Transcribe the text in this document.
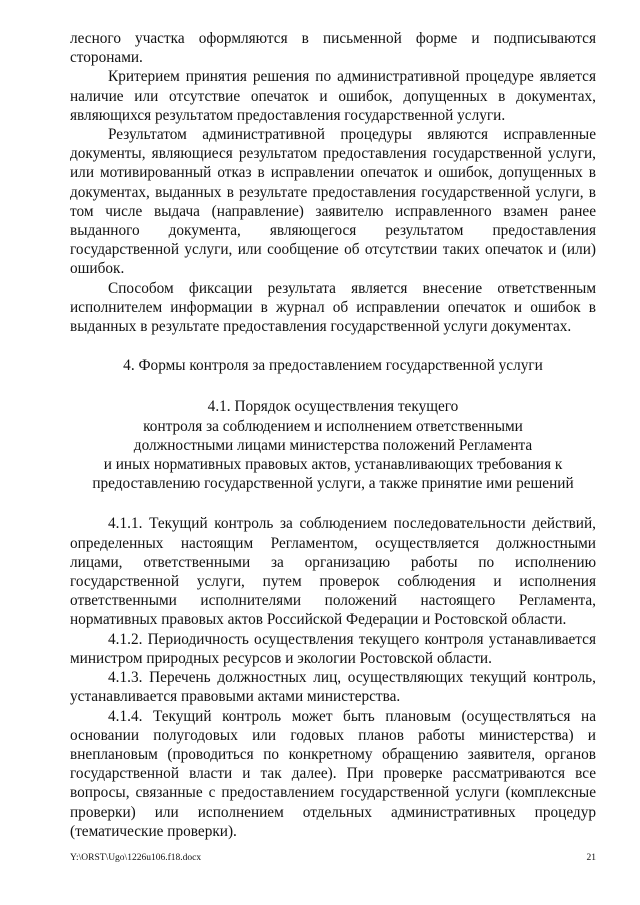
лесного участка оформляются в письменной форме и подписываются сторонами.

Критерием принятия решения по административной процедуре является наличие или отсутствие опечаток и ошибок, допущенных в документах, являющихся результатом предоставления государственной услуги.

Результатом административной процедуры являются исправленные документы, являющиеся результатом предоставления государственной услуги, или мотивированный отказ в исправлении опечаток и ошибок, допущенных в документах, выданных в результате предоставления государственной услуги, в том числе выдача (направление) заявителю исправленного взамен ранее выданного документа, являющегося результатом предоставления государственной услуги, или сообщение об отсутствии таких опечаток и (или) ошибок.

Способом фиксации результата является внесение ответственным исполнителем информации в журнал об исправлении опечаток и ошибок в выданных в результате предоставления государственной услуги документах.

4. Формы контроля за предоставлением государственной услуги

4.1. Порядок осуществления текущего
контроля за соблюдением и исполнением ответственными
должностными лицами министерства положений Регламента
и иных нормативных правовых актов, устанавливающих требования к
предоставлению государственной услуги, а также принятие ими решений

4.1.1. Текущий контроль за соблюдением последовательности действий, определенных настоящим Регламентом, осуществляется должностными лицами, ответственными за организацию работы по исполнению государственной услуги, путем проверок соблюдения и исполнения ответственными исполнителями положений настоящего Регламента, нормативных правовых актов Российской Федерации и Ростовской области.

4.1.2. Периодичность осуществления текущего контроля устанавливается министром природных ресурсов и экологии Ростовской области.

4.1.3. Перечень должностных лиц, осуществляющих текущий контроль, устанавливается правовыми актами министерства.

4.1.4. Текущий контроль может быть плановым (осуществляться на основании полугодовых или годовых планов работы министерства) и внеплановым (проводиться по конкретному обращению заявителя, органов государственной власти и так далее). При проверке рассматриваются все вопросы, связанные с предоставлением государственной услуги (комплексные проверки) или исполнением отдельных административных процедур (тематические проверки).

Y:\ORST\Ugo\1226u106.f18.docx	21
